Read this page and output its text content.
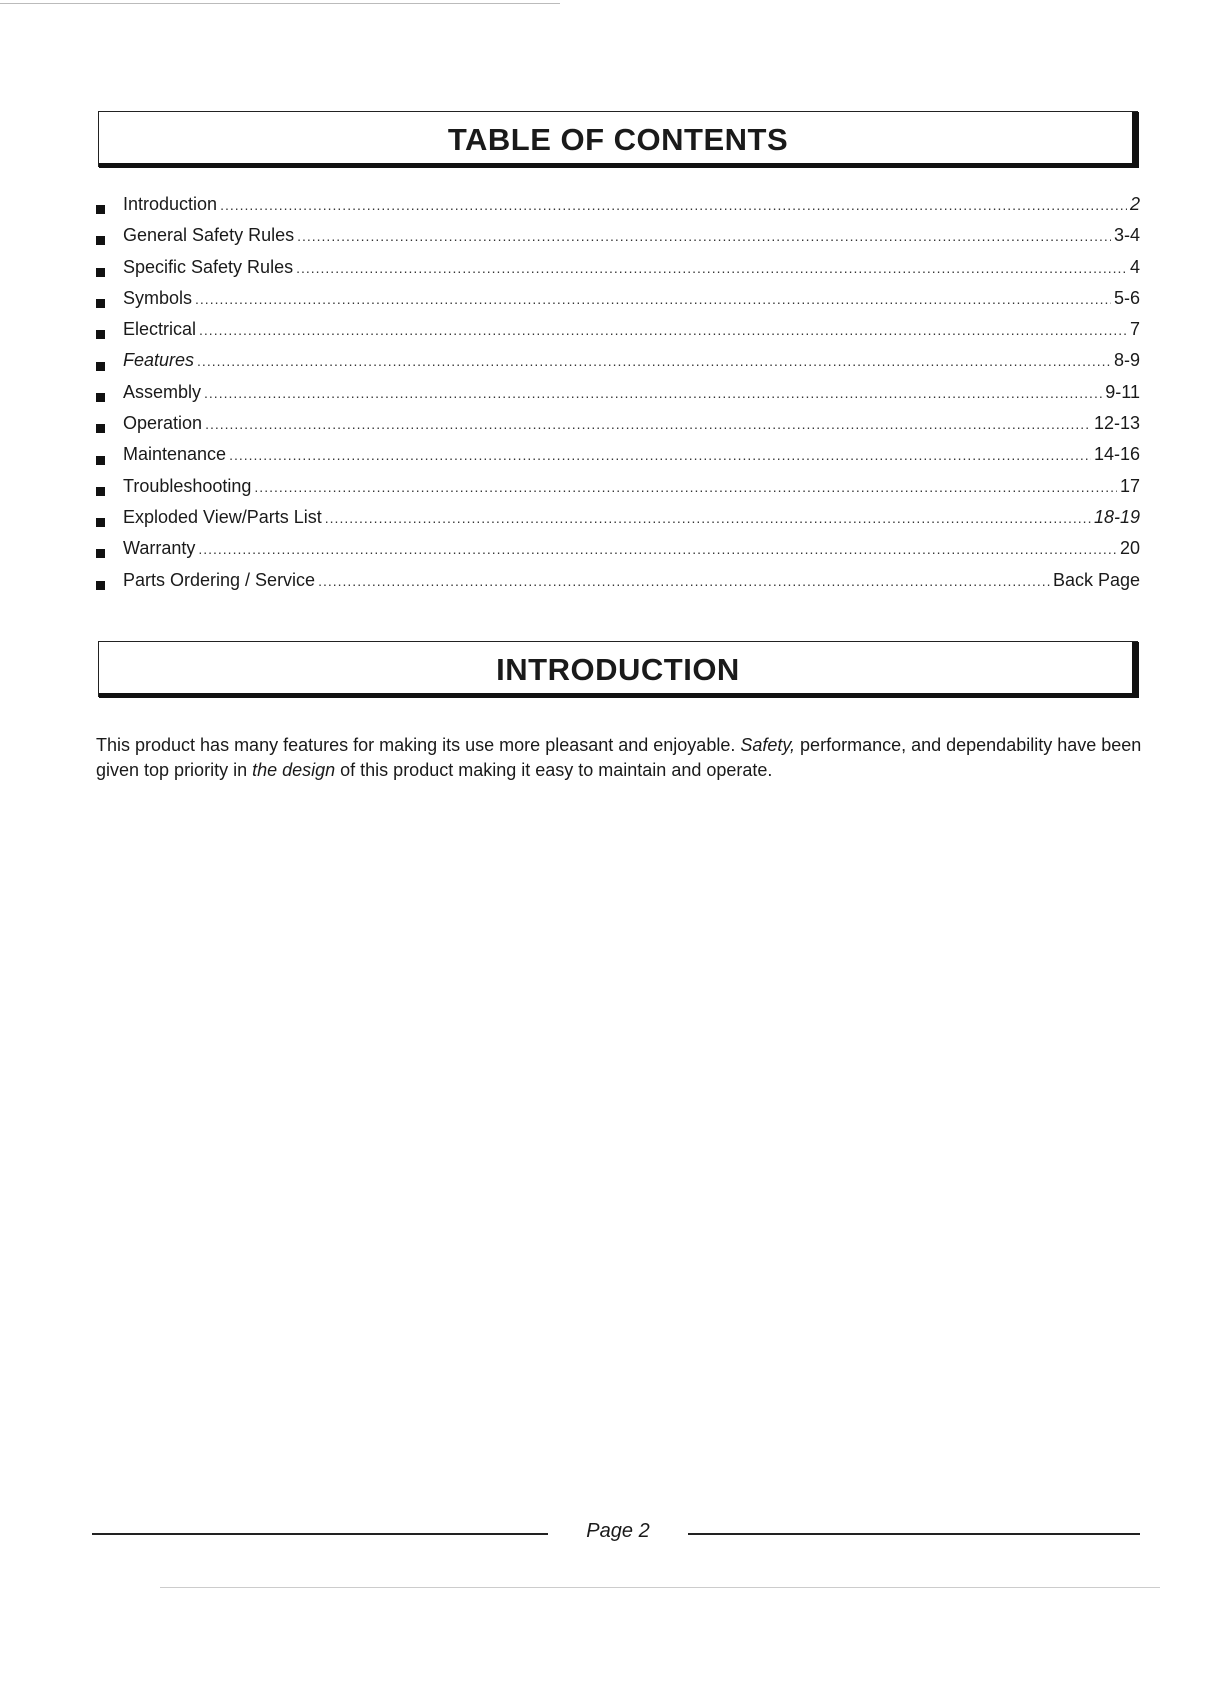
TABLE OF CONTENTS
Introduction .....	2
General Safety Rules .....	3-4
Specific Safety Rules .....	4
Symbols .....	5-6
Electrical .....	7
Features .....	8-9
Assembly .....	9-11
Operation .....	12-13
Maintenance .....	14-16
Troubleshooting .....	17
Exploded View/Parts List .....	18-19
Warranty .....	20
Parts Ordering / Service .....	Back Page
INTRODUCTION

This product has many features for making its use more pleasant and enjoyable. Safety, performance, and dependability have been given top priority in the design of this product making it easy to maintain and operate.

Page 2
